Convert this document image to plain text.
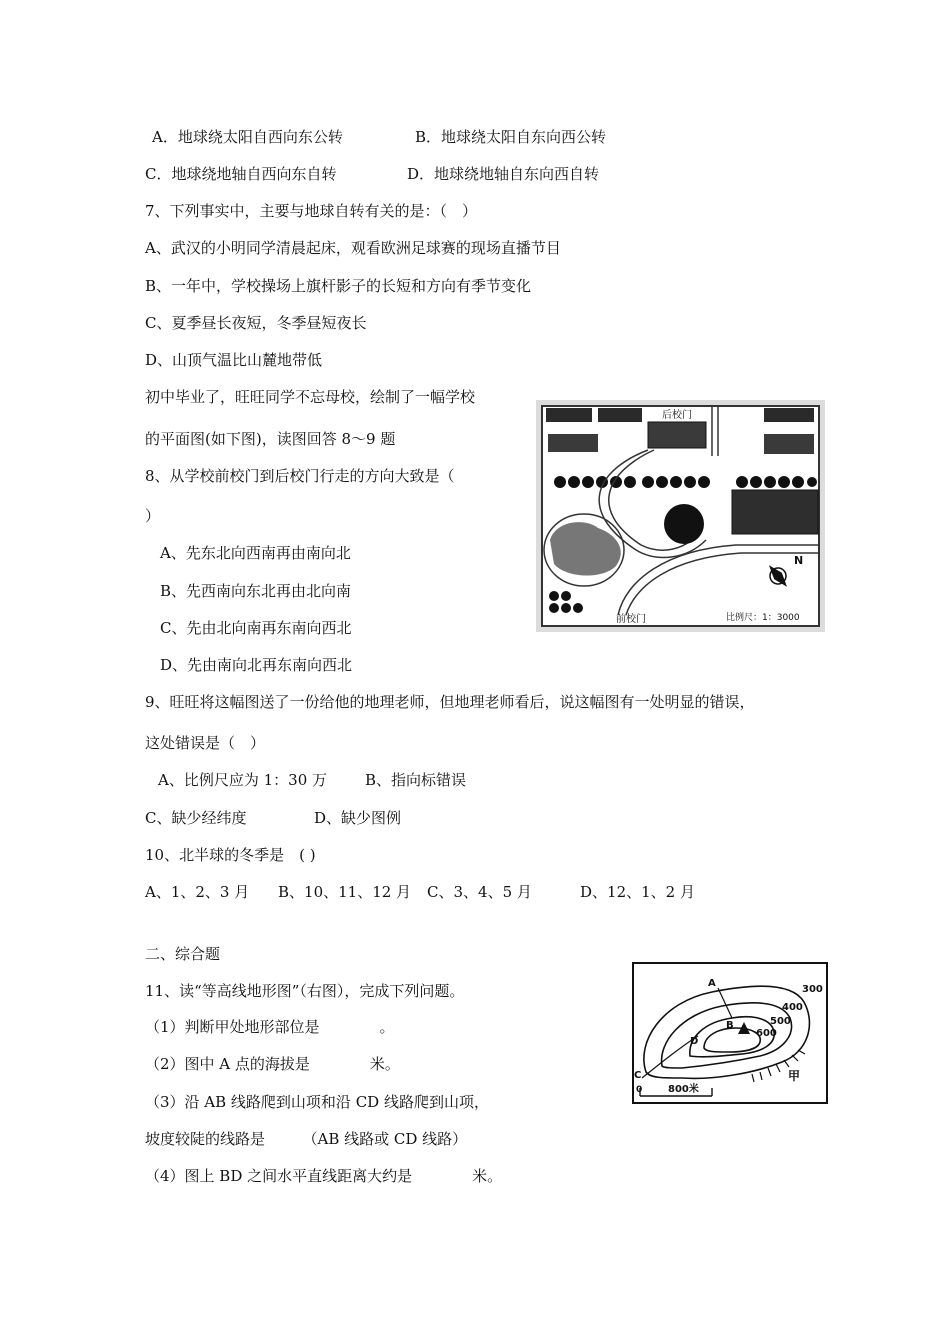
A．地球绕太阳自西向东公转	B．地球绕太阳自东向西公转
C．地球绕地轴自西向东自转	D．地球绕地轴自东向西自转
7、下列事实中，主要与地球自转有关的是：（　）
A、武汉的小明同学清晨起床，观看欧洲足球赛的现场直播节目
B、一年中，学校操场上旗杆影子的长短和方向有季节变化
C、夏季昼长夜短，冬季昼短夜长
D、山顶气温比山麓地带低
初中毕业了，旺旺同学不忘母校，绘制了一幅学校
的平面图(如下图)，读图回答 8～9 题
8、从学校前校门到后校门行走的方向大致是（
）
A、先东北向西南再由南向北
B、先西南向东北再由北向南
C、先由北向南再东南向西北
D、先由南向北再东南向西北
9、旺旺将这幅图送了一份给他的地理老师，但地理老师看后，说这幅图有一处明显的错误，
这处错误是（　）
A、比例尺应为 1：30 万	B、指向标错误
C、缺少经纬度	D、缺少图例
10、北半球的冬季是　( )
A、1、2、3 月 B、10、11、12 月 C、3、4、5 月	D、12、1、2 月
二、综合题
11、读“等高线地形图”（右图），完成下列问题。
（1）判断甲处地形部位是　　　　。
（2）图中 A 点的海拔是　　　　米。
（3）沿 AB 线路爬到山项和沿 CD 线路爬到山项，
坡度较陡的线路是　　　（AB 线路或 CD 线路）
（4）图上 BD 之间水平直线距离大约是　　　　米。
后校门
前校门
N
比例尺：1：3000
300
400
500
600
A
B
C
D
甲
0	800米
